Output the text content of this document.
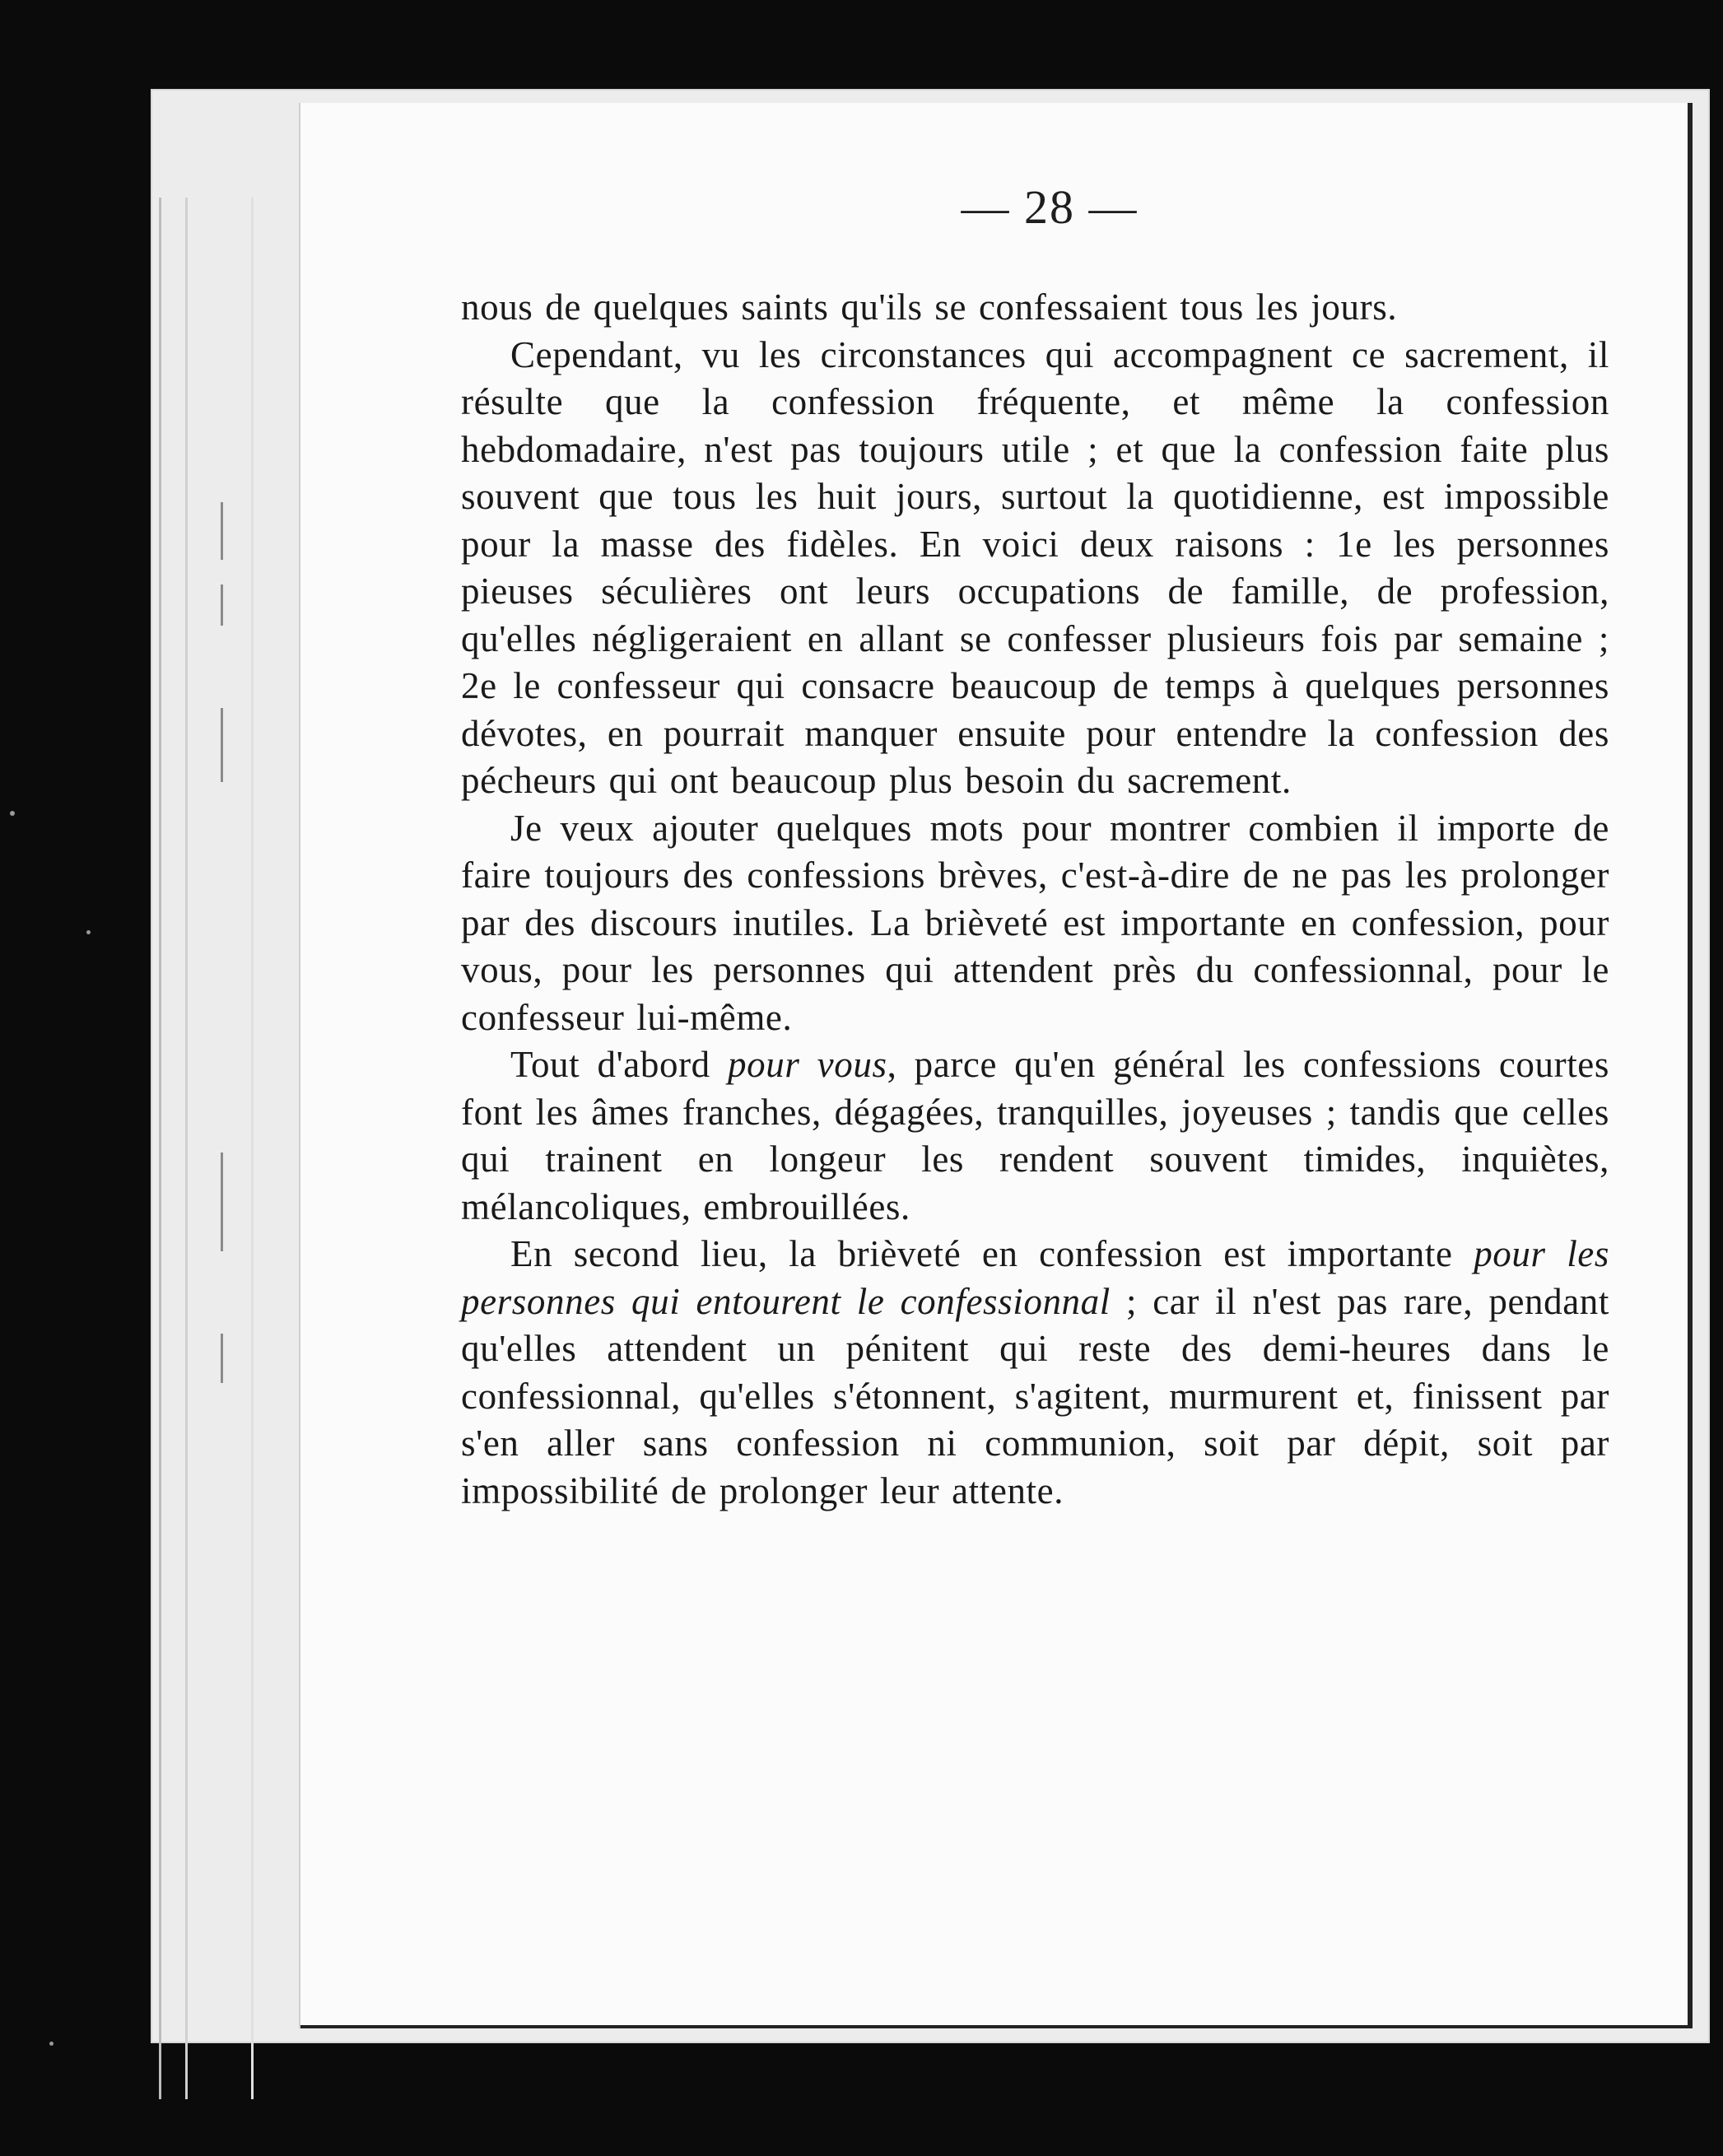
— 28 —

nous de quelques saints qu'ils se confessaient tous les jours.

Cependant, vu les circonstances qui accompagnent ce sacrement, il résulte que la confession fréquente, et même la confession hebdomadaire, n'est pas toujours utile ; et que la confession faite plus souvent que tous les huit jours, surtout la quotidienne, est impossible pour la masse des fidèles. En voici deux raisons : 1e les personnes pieuses séculières ont leurs occupations de famille, de profession, qu'elles négligeraient en allant se confesser plusieurs fois par semaine ; 2e le confesseur qui consacre beaucoup de temps à quelques personnes dévotes, en pourrait manquer ensuite pour entendre la confession des pécheurs qui ont beaucoup plus besoin du sacrement.

Je veux ajouter quelques mots pour montrer combien il importe de faire toujours des confessions brèves, c'est-à-dire de ne pas les prolonger par des discours inutiles. La brièveté est importante en confession, pour vous, pour les personnes qui attendent près du confessionnal, pour le confesseur lui-même.

Tout d'abord pour vous, parce qu'en général les confessions courtes font les âmes franches, dégagées, tranquilles, joyeuses ; tandis que celles qui trainent en longeur les rendent souvent timides, inquiètes, mélancoliques, embrouillées.

En second lieu, la brièveté en confession est importante pour les personnes qui entourent le confessionnal ; car il n'est pas rare, pendant qu'elles attendent un pénitent qui reste des demi-heures dans le confessionnal, qu'elles s'étonnent, s'agitent, murmurent et, finissent par s'en aller sans confession ni communion, soit par dépit, soit par impossibilité de prolonger leur attente.
